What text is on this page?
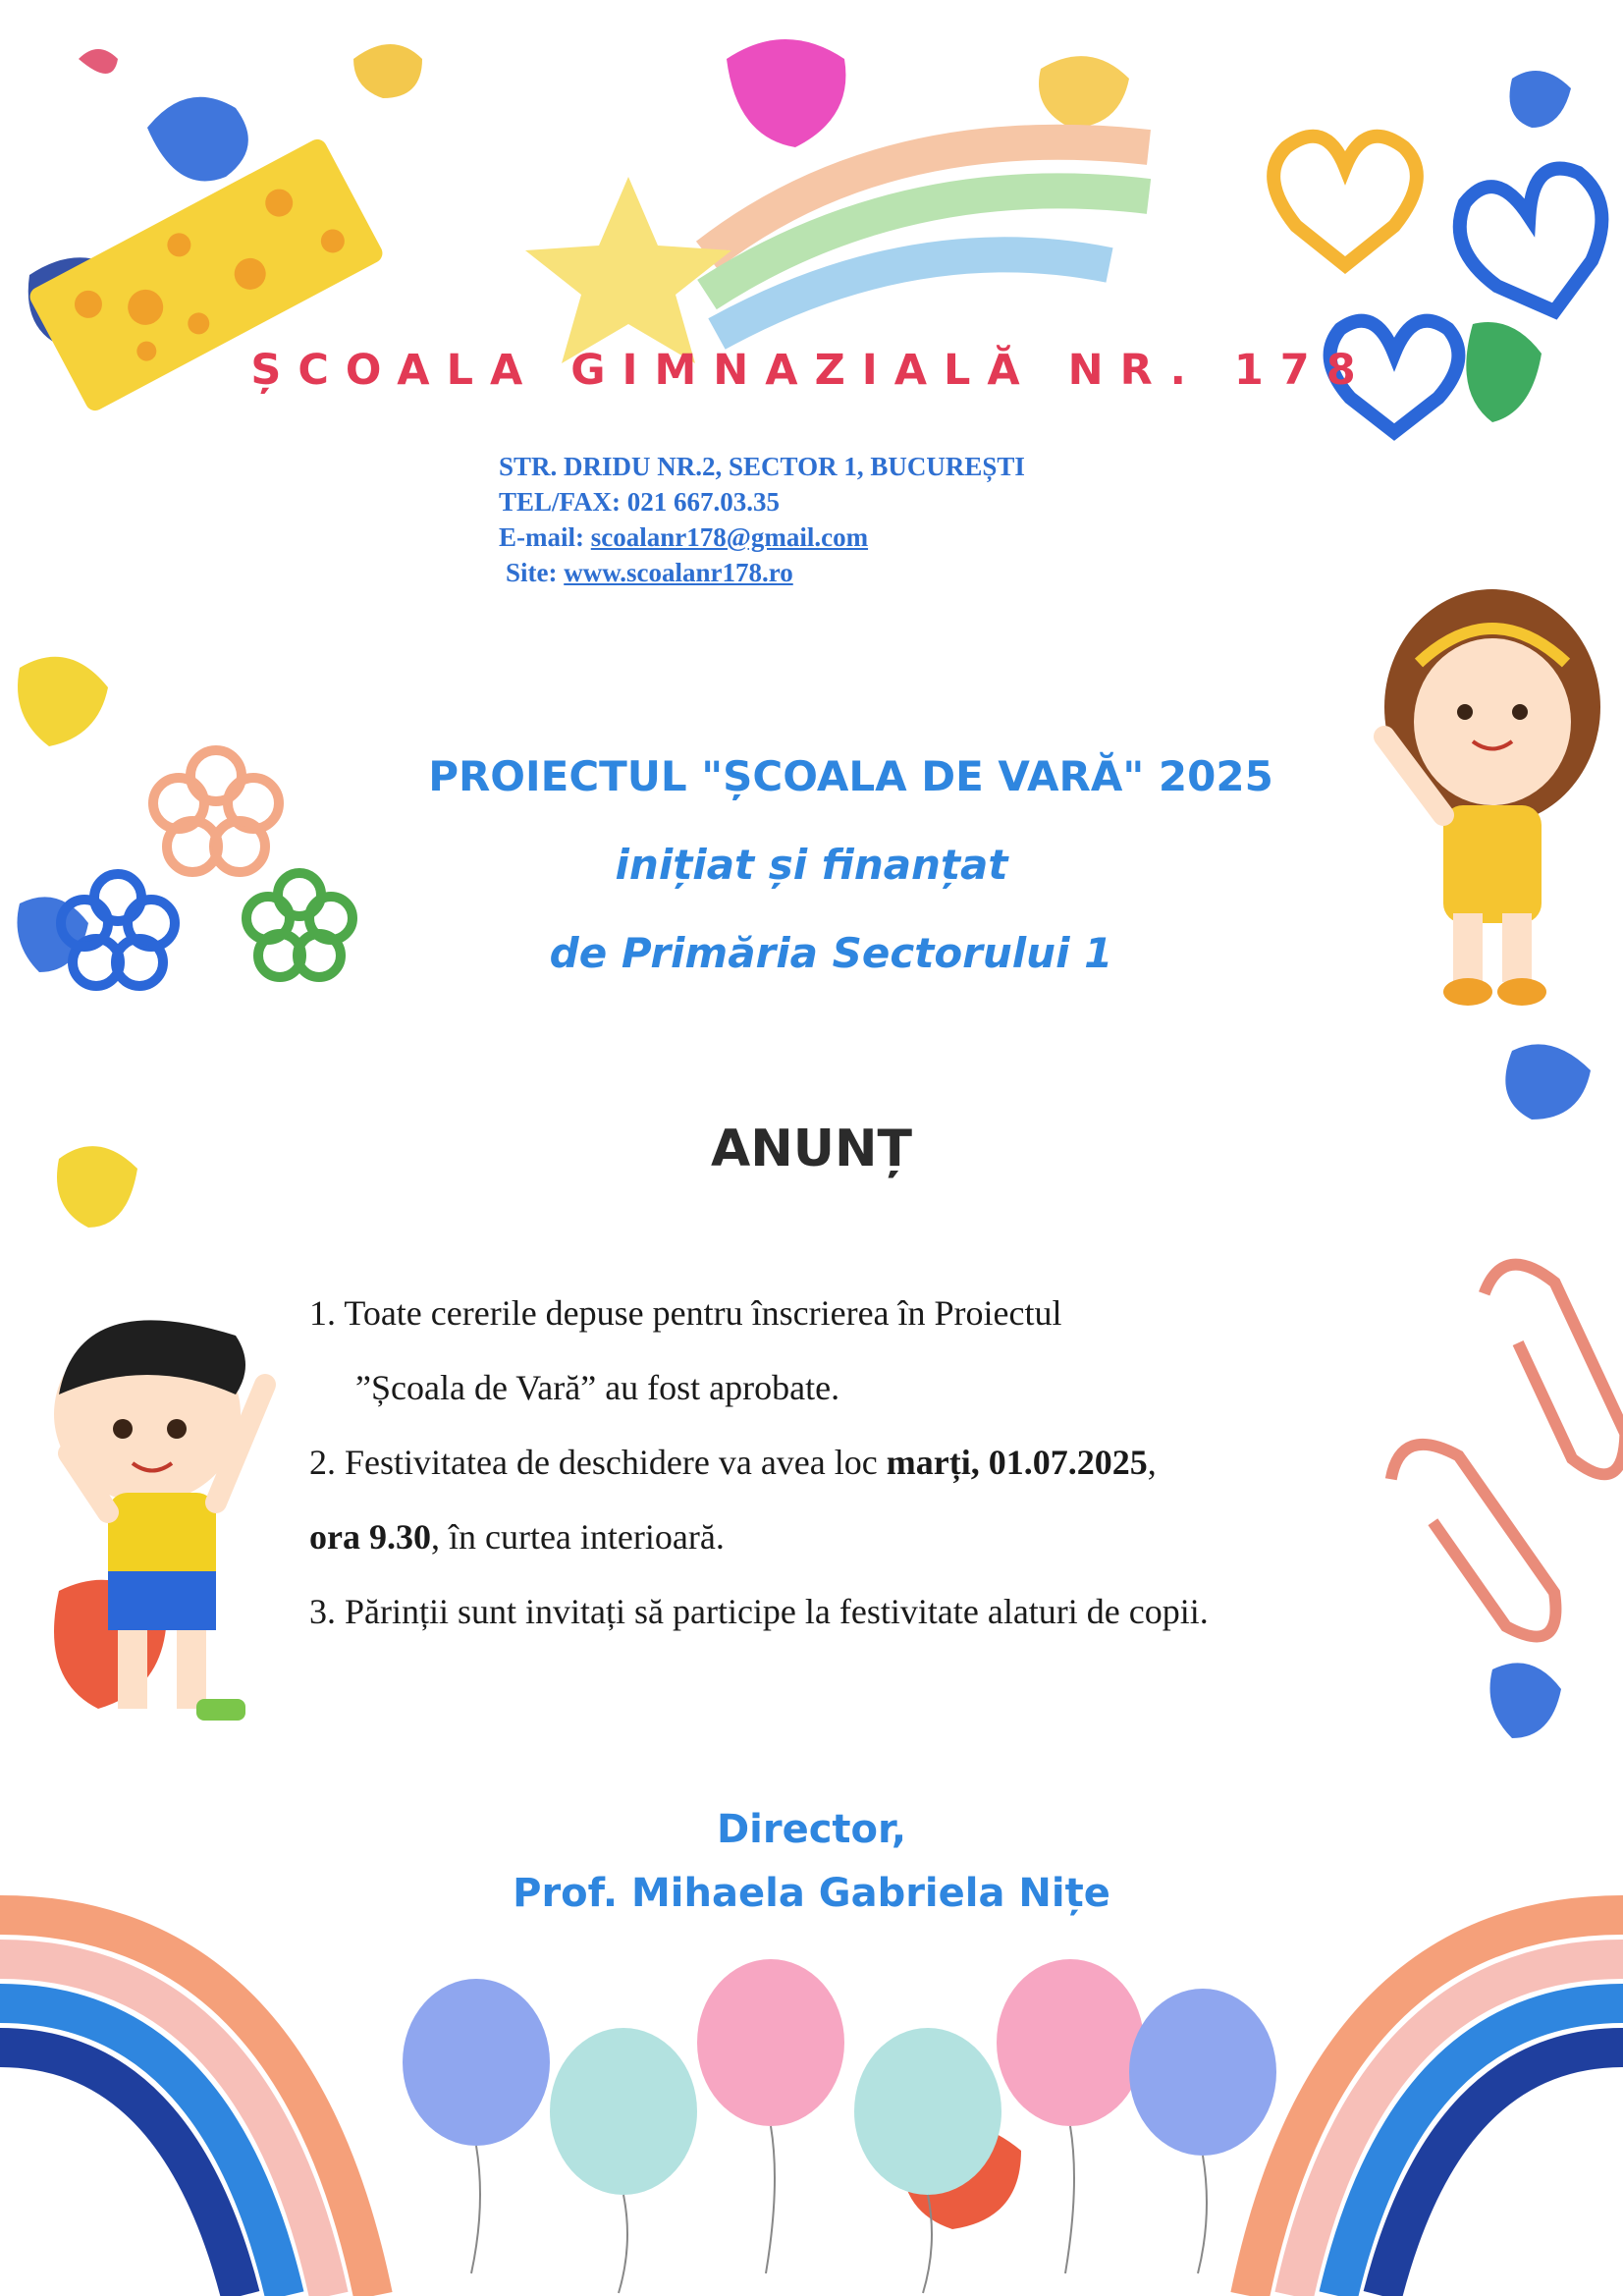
ȘCOALA GIMNAZIALĂ NR. 178
STR. DRIDU NR.2, SECTOR 1, BUCUREȘTI
TEL/FAX: 021 667.03.35
E-mail: scoalanr178@gmail.com
Site: www.scoalanr178.ro
PROIECTUL "ȘCOALA DE VARĂ" 2025
inițiat și finanțat
de Primăria Sectorului 1
ANUNȚ
1. Toate cererile depuse pentru înscrierea în Proiectul
”Școala de Vară” au fost aprobate.
2. Festivitatea de deschidere va avea loc marți, 01.07.2025,
ora 9.30, în curtea interioară.
3. Părinții sunt invitați să participe la festivitate alaturi de copii.
Director,
Prof. Mihaela Gabriela Nițe
